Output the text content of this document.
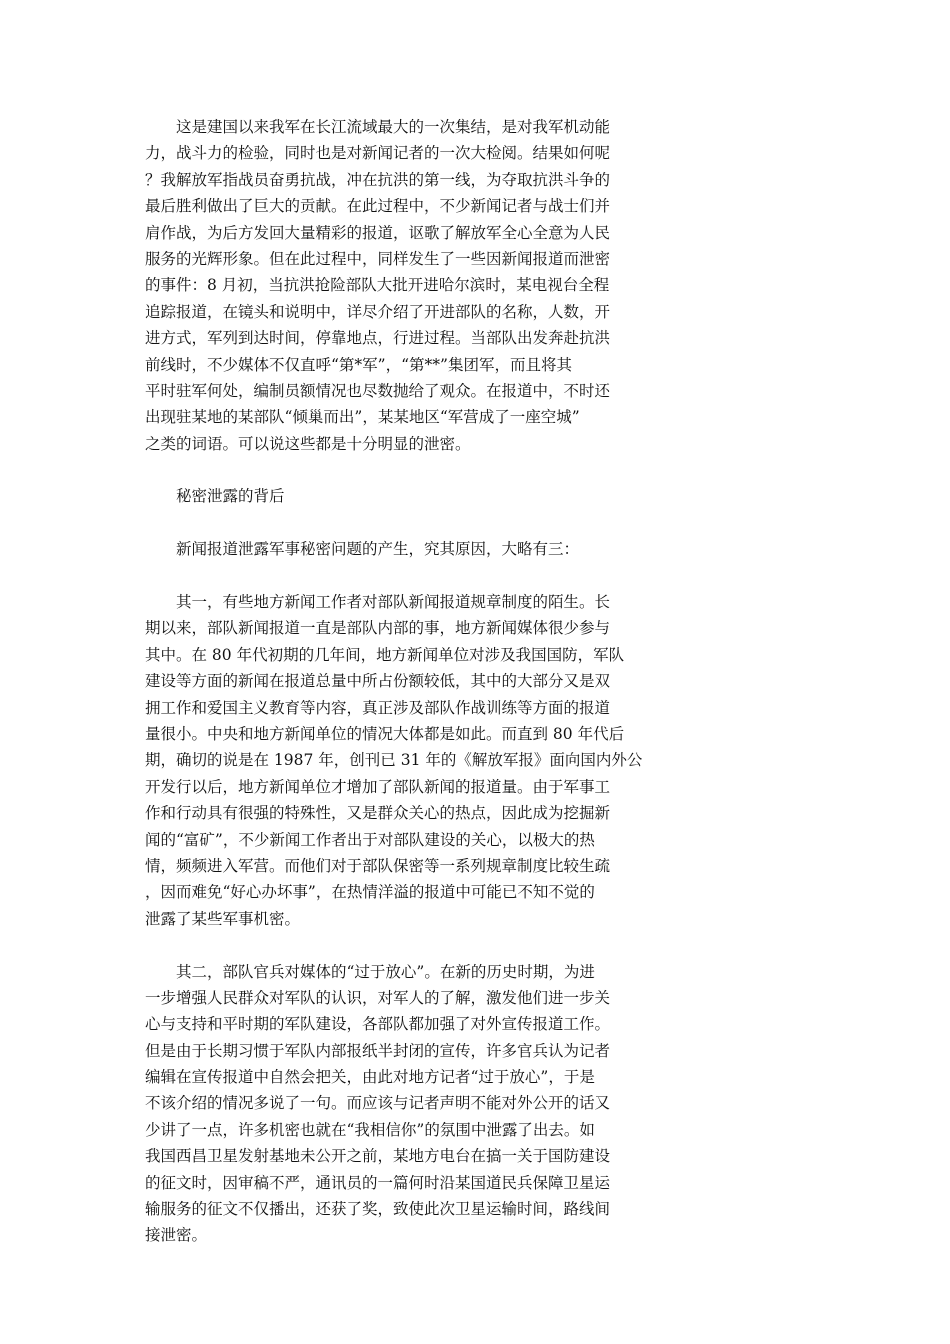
　　这是建国以来我军在长江流域最大的一次集结，是对我军机动能
力，战斗力的检验，同时也是对新闻记者的一次大检阅。结果如何呢
？我解放军指战员奋勇抗战，冲在抗洪的第一线，为夺取抗洪斗争的
最后胜利做出了巨大的贡献。在此过程中，不少新闻记者与战士们并
肩作战，为后方发回大量精彩的报道，讴歌了解放军全心全意为人民
服务的光辉形象。但在此过程中，同样发生了一些因新闻报道而泄密
的事件：8 月初，当抗洪抢险部队大批开进哈尔滨时，某电视台全程
追踪报道，在镜头和说明中，详尽介绍了开进部队的名称，人数，开
进方式，军列到达时间，停靠地点，行进过程。当部队出发奔赴抗洪
前线时，不少媒体不仅直呼“第*军”，“第**”集团军，而且将其
平时驻军何处，编制员额情况也尽数抛给了观众。在报道中，不时还
出现驻某地的某部队“倾巢而出”，某某地区“军营成了一座空城”
之类的词语。可以说这些都是十分明显的泄密。
　　秘密泄露的背后
　　新闻报道泄露军事秘密问题的产生，究其原因，大略有三：
　　其一，有些地方新闻工作者对部队新闻报道规章制度的陌生。长
期以来，部队新闻报道一直是部队内部的事，地方新闻媒体很少参与
其中。在 80 年代初期的几年间，地方新闻单位对涉及我国国防，军队
建设等方面的新闻在报道总量中所占份额较低，其中的大部分又是双
拥工作和爱国主义教育等内容，真正涉及部队作战训练等方面的报道
量很小。中央和地方新闻单位的情况大体都是如此。而直到 80 年代后
期，确切的说是在 1987 年，创刊已 31 年的《解放军报》面向国内外公
开发行以后，地方新闻单位才增加了部队新闻的报道量。由于军事工
作和行动具有很强的特殊性，又是群众关心的热点，因此成为挖掘新
闻的“富矿”，不少新闻工作者出于对部队建设的关心，以极大的热
情，频频进入军营。而他们对于部队保密等一系列规章制度比较生疏
，因而难免“好心办坏事”，在热情洋溢的报道中可能已不知不觉的
泄露了某些军事机密。
　　其二，部队官兵对媒体的“过于放心”。在新的历史时期，为进
一步增强人民群众对军队的认识，对军人的了解，激发他们进一步关
心与支持和平时期的军队建设，各部队都加强了对外宣传报道工作。
但是由于长期习惯于军队内部报纸半封闭的宣传，许多官兵认为记者
编辑在宣传报道中自然会把关，由此对地方记者“过于放心”，于是
不该介绍的情况多说了一句。而应该与记者声明不能对外公开的话又
少讲了一点，许多机密也就在“我相信你”的氛围中泄露了出去。如
我国西昌卫星发射基地未公开之前，某地方电台在搞一关于国防建设
的征文时，因审稿不严，通讯员的一篇何时沿某国道民兵保障卫星运
输服务的征文不仅播出，还获了奖，致使此次卫星运输时间，路线间
接泄密。
